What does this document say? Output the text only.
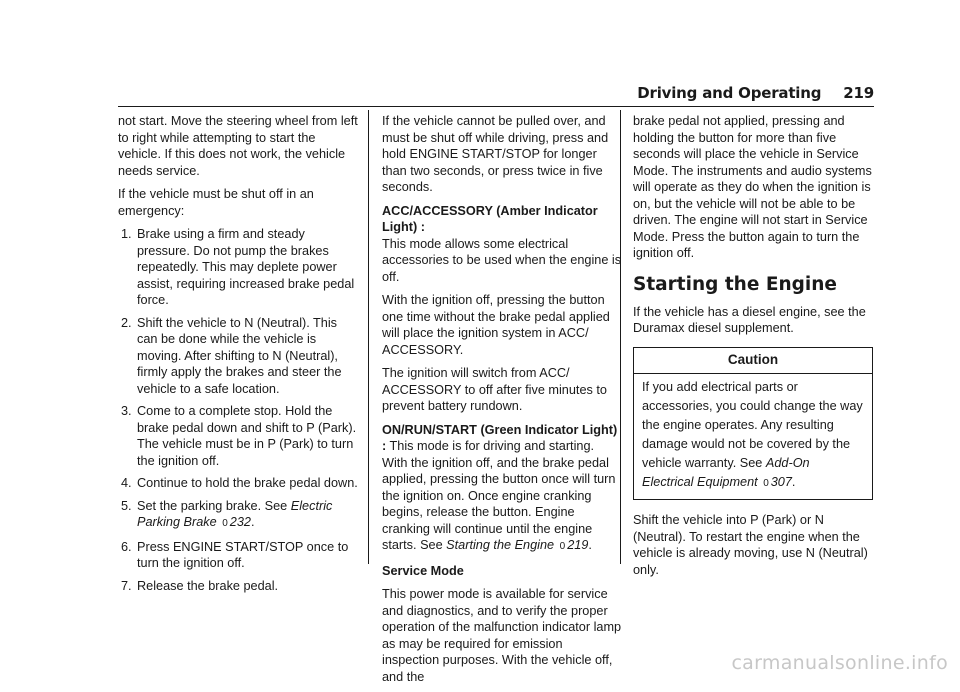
Driving and Operating 219

not start. Move the steering wheel from left to right while attempting to start the vehicle. If this does not work, the vehicle needs service.

If the vehicle must be shut off in an emergency:

1. Brake using a firm and steady pressure. Do not pump the brakes repeatedly. This may deplete power assist, requiring increased brake pedal force.
2. Shift the vehicle to N (Neutral). This can be done while the vehicle is moving. After shifting to N (Neutral), firmly apply the brakes and steer the vehicle to a safe location.
3. Come to a complete stop. Hold the brake pedal down and shift to P (Park). The vehicle must be in P (Park) to turn the ignition off.
4. Continue to hold the brake pedal down.
5. Set the parking brake. See Electric Parking Brake 0 232.
6. Press ENGINE START/STOP once to turn the ignition off.
7. Release the brake pedal.

If the vehicle cannot be pulled over, and must be shut off while driving, press and hold ENGINE START/STOP for longer than two seconds, or press twice in five seconds.

ACC/ACCESSORY (Amber Indicator Light) :
This mode allows some electrical accessories to be used when the engine is off.

With the ignition off, pressing the button one time without the brake pedal applied will place the ignition system in ACC/ ACCESSORY.

The ignition will switch from ACC/ ACCESSORY to off after five minutes to prevent battery rundown.

ON/RUN/START (Green Indicator Light) : This mode is for driving and starting. With the ignition off, and the brake pedal applied, pressing the button once will turn the ignition on. Once engine cranking begins, release the button. Engine cranking will continue until the engine starts. See Starting the Engine 0 219.

Service Mode

This power mode is available for service and diagnostics, and to verify the proper operation of the malfunction indicator lamp as may be required for emission inspection purposes. With the vehicle off, and the

brake pedal not applied, pressing and holding the button for more than five seconds will place the vehicle in Service Mode. The instruments and audio systems will operate as they do when the ignition is on, but the vehicle will not be able to be driven. The engine will not start in Service Mode. Press the button again to turn the ignition off.

Starting the Engine

If the vehicle has a diesel engine, see the Duramax diesel supplement.

Caution
If you add electrical parts or accessories, you could change the way the engine operates. Any resulting damage would not be covered by the vehicle warranty. See Add-On Electrical Equipment 0 307.

Shift the vehicle into P (Park) or N (Neutral). To restart the engine when the vehicle is already moving, use N (Neutral) only.

carmanualsonline.info
